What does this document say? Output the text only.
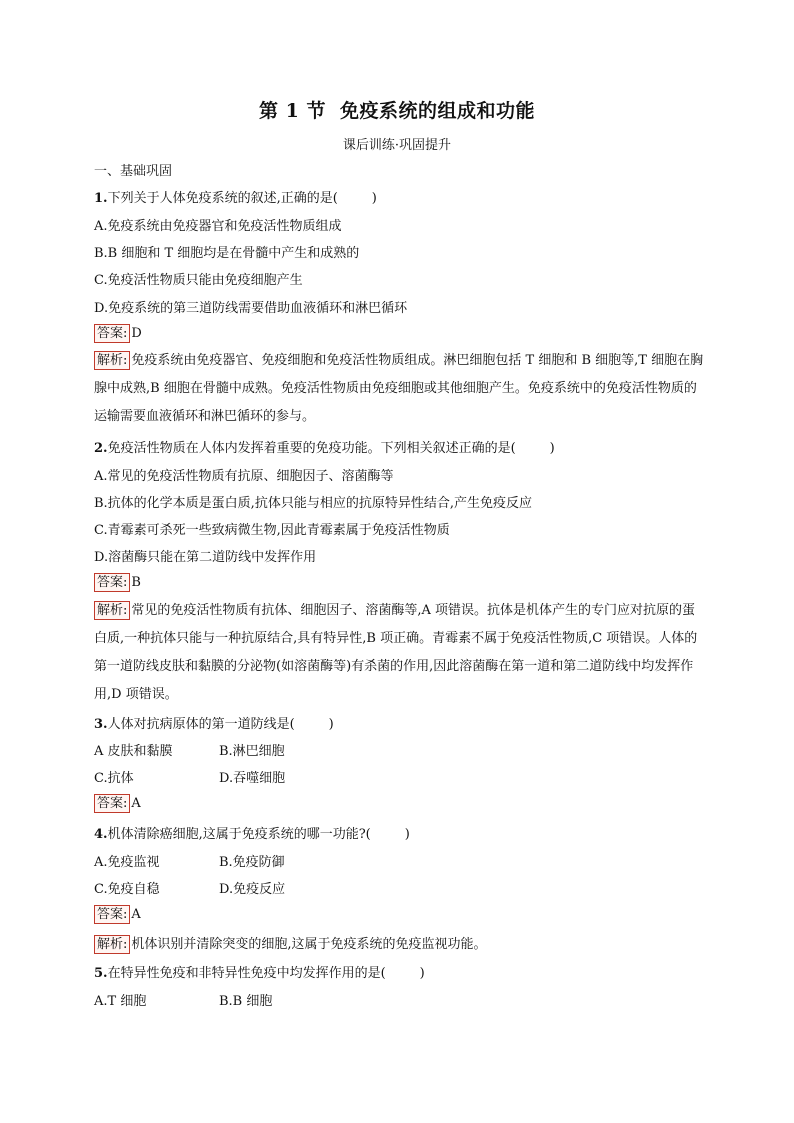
第 1 节 免疫系统的组成和功能
课后训练·巩固提升
一、基础巩固
1.下列关于人体免疫系统的叙述,正确的是(	)
A.免疫系统由免疫器官和免疫活性物质组成
B.B 细胞和 T 细胞均是在骨髓中产生和成熟的
C.免疫活性物质只能由免疫细胞产生
D.免疫系统的第三道防线需要借助血液循环和淋巴循环
答案: D
解析: 免疫系统由免疫器官、免疫细胞和免疫活性物质组成。淋巴细胞包括 T 细胞和 B 细胞等,T 细胞在胸腺中成熟,B 细胞在骨髓中成熟。免疫活性物质由免疫细胞或其他细胞产生。免疫系统中的免疫活性物质的运输需要血液循环和淋巴循环的参与。
2.免疫活性物质在人体内发挥着重要的免疫功能。下列相关叙述正确的是(	)
A.常见的免疫活性物质有抗原、细胞因子、溶菌酶等
B.抗体的化学本质是蛋白质,抗体只能与相应的抗原特异性结合,产生免疫反应
C.青霉素可杀死一些致病微生物,因此青霉素属于免疫活性物质
D.溶菌酶只能在第二道防线中发挥作用
答案: B
解析: 常见的免疫活性物质有抗体、细胞因子、溶菌酶等,A 项错误。抗体是机体产生的专门应对抗原的蛋白质,一种抗体只能与一种抗原结合,具有特异性,B 项正确。青霉素不属于免疫活性物质,C 项错误。人体的第一道防线皮肤和黏膜的分泌物(如溶菌酶等)有杀菌的作用,因此溶菌酶在第一道和第二道防线中均发挥作用,D 项错误。
3.人体对抗病原体的第一道防线是(	)
A 皮肤和黏膜	B.淋巴细胞
C.抗体	D.吞噬细胞
答案: A
4.机体清除癌细胞,这属于免疫系统的哪一功能?(	)
A.免疫监视	B.免疫防御
C.免疫自稳	D.免疫反应
答案: A
解析: 机体识别并清除突变的细胞,这属于免疫系统的免疫监视功能。
5.在特异性免疫和非特异性免疫中均发挥作用的是(	)
A.T 细胞	B.B 细胞
